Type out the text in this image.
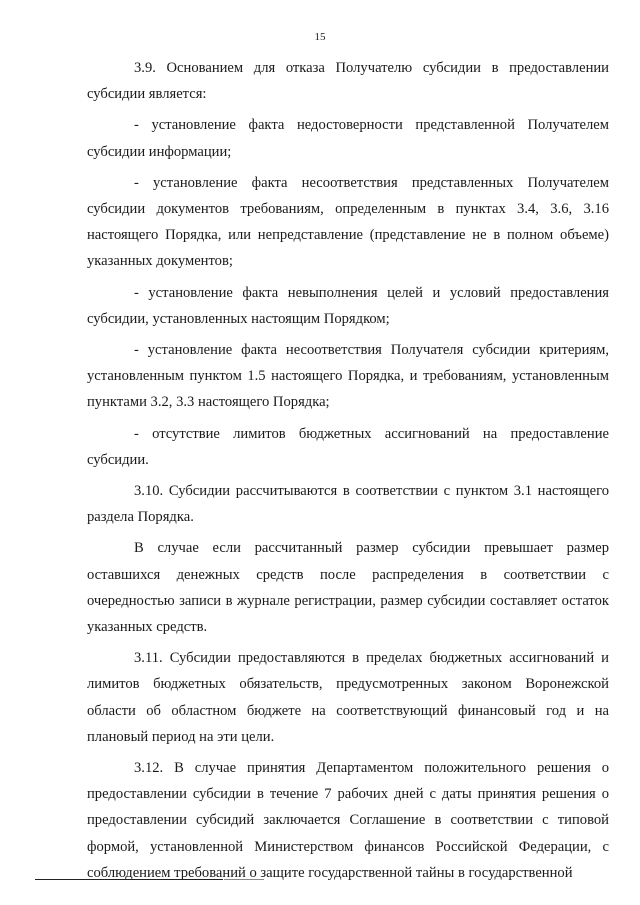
15

3.9. Основанием для отказа Получателю субсидии в предоставлении субсидии является:

- установление факта недостоверности представленной Получателем субсидии информации;

- установление факта несоответствия представленных Получателем субсидии документов требованиям, определенным в пунктах 3.4, 3.6, 3.16 настоящего Порядка, или непредставление (представление не в полном объеме) указанных документов;

- установление факта невыполнения целей и условий предоставления субсидии, установленных настоящим Порядком;

- установление факта несоответствия Получателя субсидии критериям, установленным пунктом 1.5 настоящего Порядка, и требованиям, установленным пунктами 3.2, 3.3 настоящего Порядка;

- отсутствие лимитов бюджетных ассигнований на предоставление субсидии.

3.10. Субсидии рассчитываются в соответствии с пунктом 3.1 настоящего раздела Порядка.

В случае если рассчитанный размер субсидии превышает размер оставшихся денежных средств после распределения в соответствии с очередностью записи в журнале регистрации, размер субсидии составляет остаток указанных средств.

3.11. Субсидии предоставляются в пределах бюджетных ассигнований и лимитов бюджетных обязательств, предусмотренных законом Воронежской области об областном бюджете на соответствующий финансовый год и на плановый период на эти цели.

3.12. В случае принятия Департаментом положительного решения о предоставлении субсидии в течение 7 рабочих дней с даты принятия решения о предоставлении субсидий заключается Соглашение в соответствии с типовой формой, установленной Министерством финансов Российской Федерации, с соблюдением требований о защите государственной тайны в государственной
